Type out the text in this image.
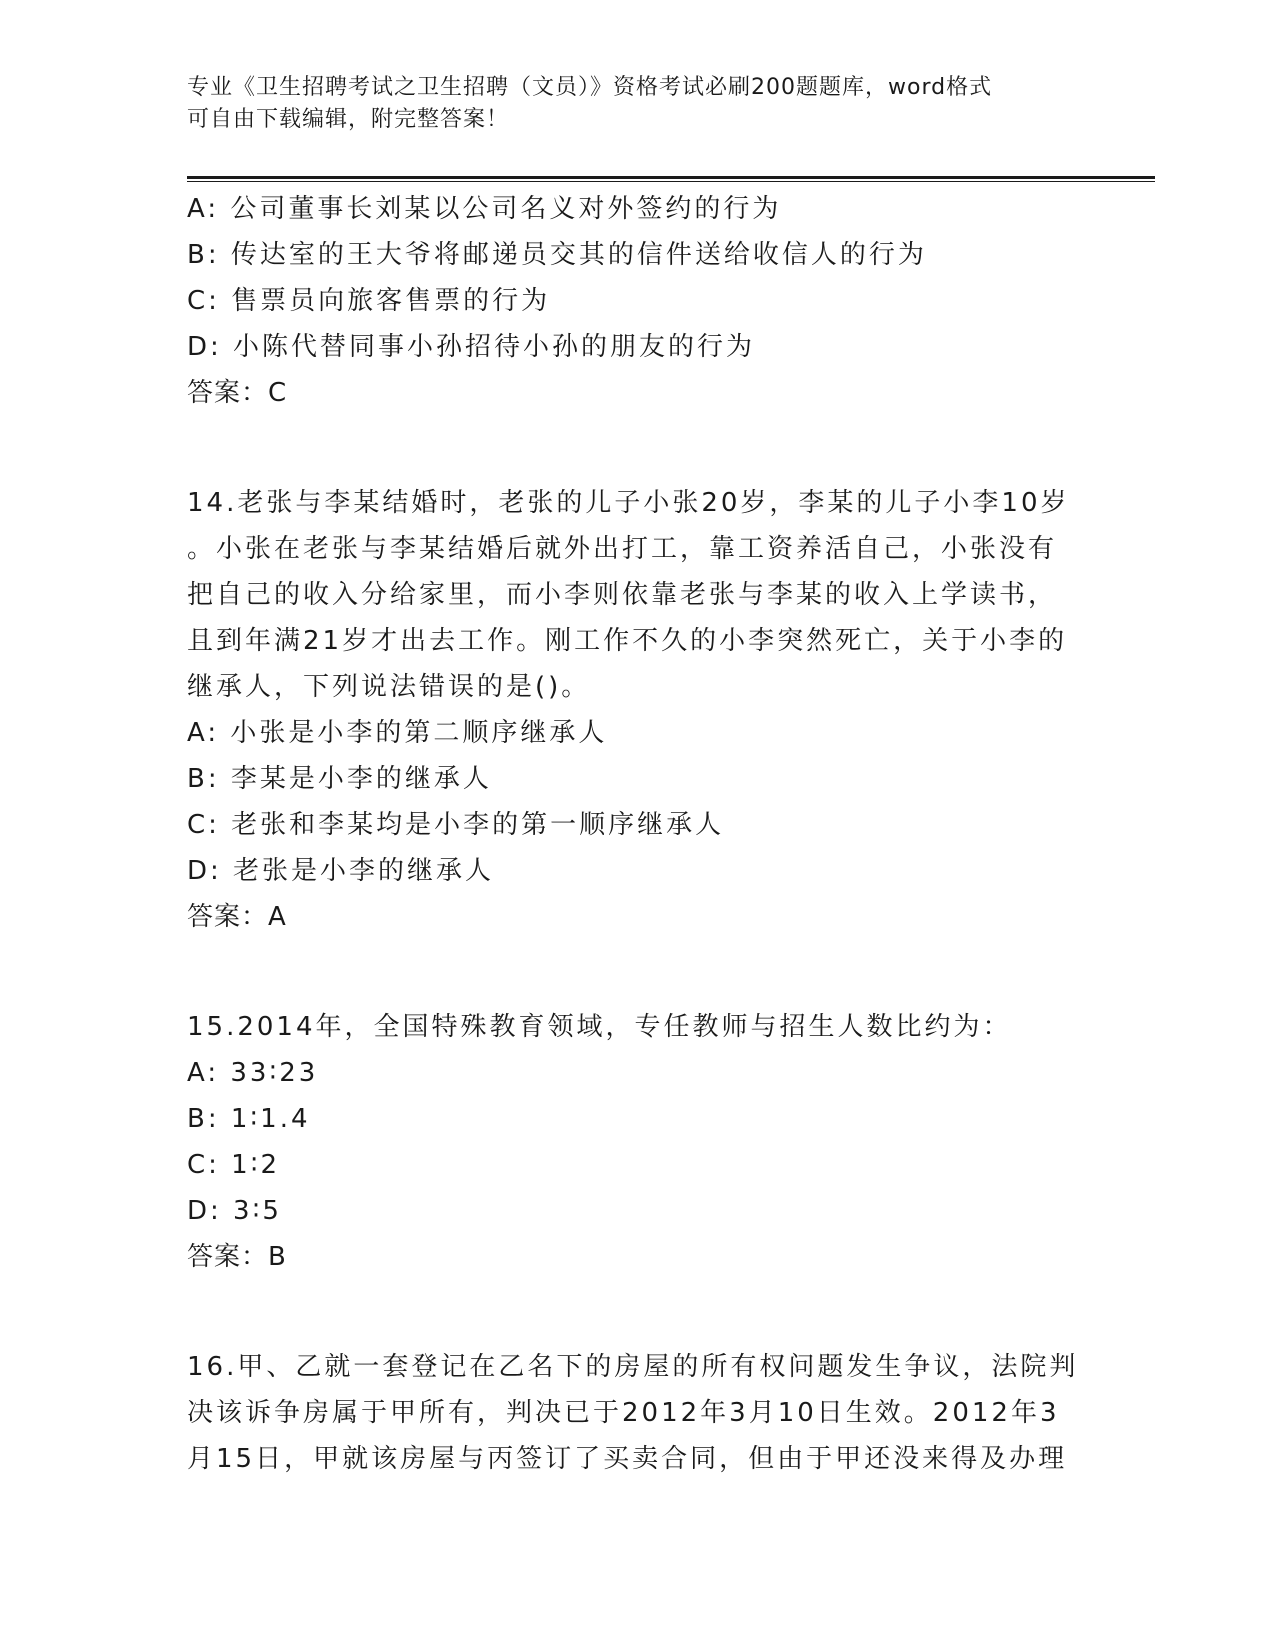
专业《卫生招聘考试之卫生招聘（文员）》资格考试必刷200题题库，word格式
可自由下载编辑，附完整答案！
A: 公司董事长刘某以公司名义对外签约的行为
B: 传达室的王大爷将邮递员交其的信件送给收信人的行为
C: 售票员向旅客售票的行为
D: 小陈代替同事小孙招待小孙的朋友的行为
答案：C
14.老张与李某结婚时，老张的儿子小张20岁，李某的儿子小李10岁
。小张在老张与李某结婚后就外出打工，靠工资养活自己，小张没有
把自己的收入分给家里，而小李则依靠老张与李某的收入上学读书，
且到年满21岁才出去工作。刚工作不久的小李突然死亡，关于小李的
继承人，下列说法错误的是()。
A: 小张是小李的第二顺序继承人
B: 李某是小李的继承人
C: 老张和李某均是小李的第一顺序继承人
D: 老张是小李的继承人
答案：A
15.2014年，全国特殊教育领域，专任教师与招生人数比约为：
A: 33∶23
B: 1∶1.4
C: 1∶2
D: 3∶5
答案：B
16.甲、乙就一套登记在乙名下的房屋的所有权问题发生争议，法院判
决该诉争房属于甲所有，判决已于2012年3月10日生效。2012年3
月15日，甲就该房屋与丙签订了买卖合同，但由于甲还没来得及办理
